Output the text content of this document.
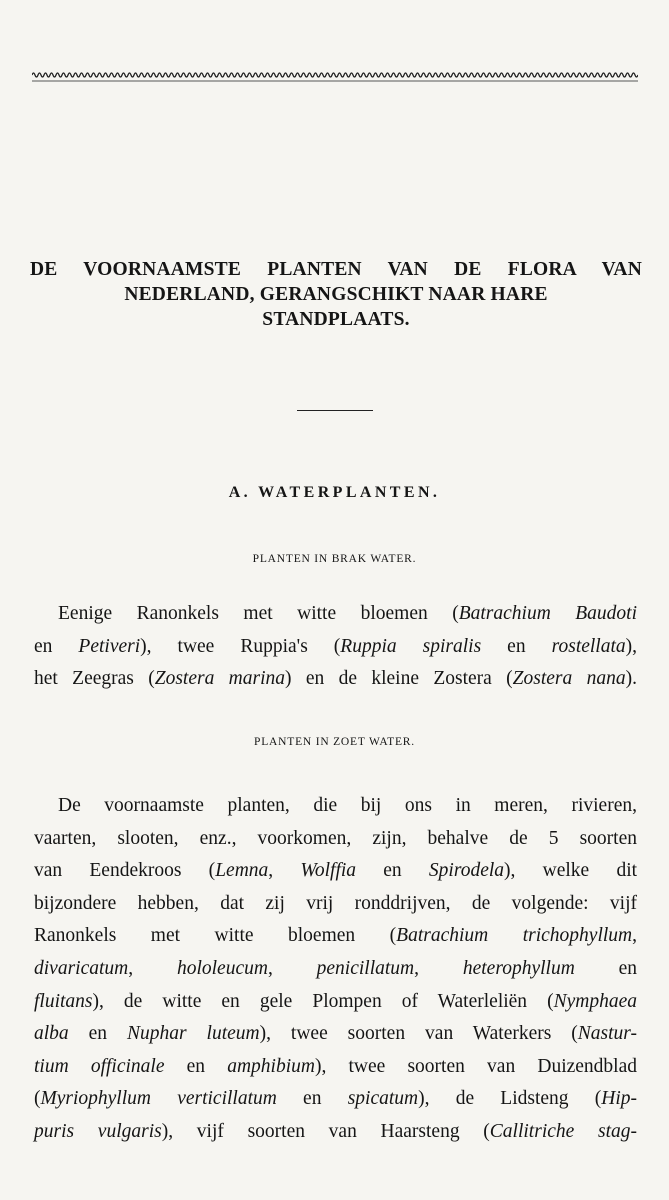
DE VOORNAAMSTE PLANTEN VAN DE FLORA VAN
NEDERLAND, GERANGSCHIKT NAAR HARE
STANDPLAATS.
A. WATERPLANTEN.
PLANTEN IN BRAK WATER.

Eenige Ranonkels met witte bloemen (Batrachium Baudoti
en Petiveri), twee Ruppia's (Ruppia spiralis en rostellata),
het Zeegras (Zostera marina) en de kleine Zostera (Zostera nana).

PLANTEN IN ZOET WATER.

De voornaamste planten, die bij ons in meren, rivieren,
vaarten, slooten, enz., voorkomen, zijn, behalve de 5 soorten
van Eendekroos (Lemna, Wolffia en Spirodela), welke dit
bijzondere hebben, dat zij vrij ronddrijven, de volgende: vijf
Ranonkels met witte bloemen (Batrachium trichophyllum,
divaricatum, hololeucum, penicillatum, heterophyllum en
fluitans), de witte en gele Plompen of Waterleliën (Nymphaea
alba en Nuphar luteum), twee soorten van Waterkers (Nastur-
tium officinale en amphibium), twee soorten van Duizendblad
(Myriophyllum verticillatum en spicatum), de Lidsteng (Hip-
puris vulgaris), vijf soorten van Haarsteng (Callitriche stag-
